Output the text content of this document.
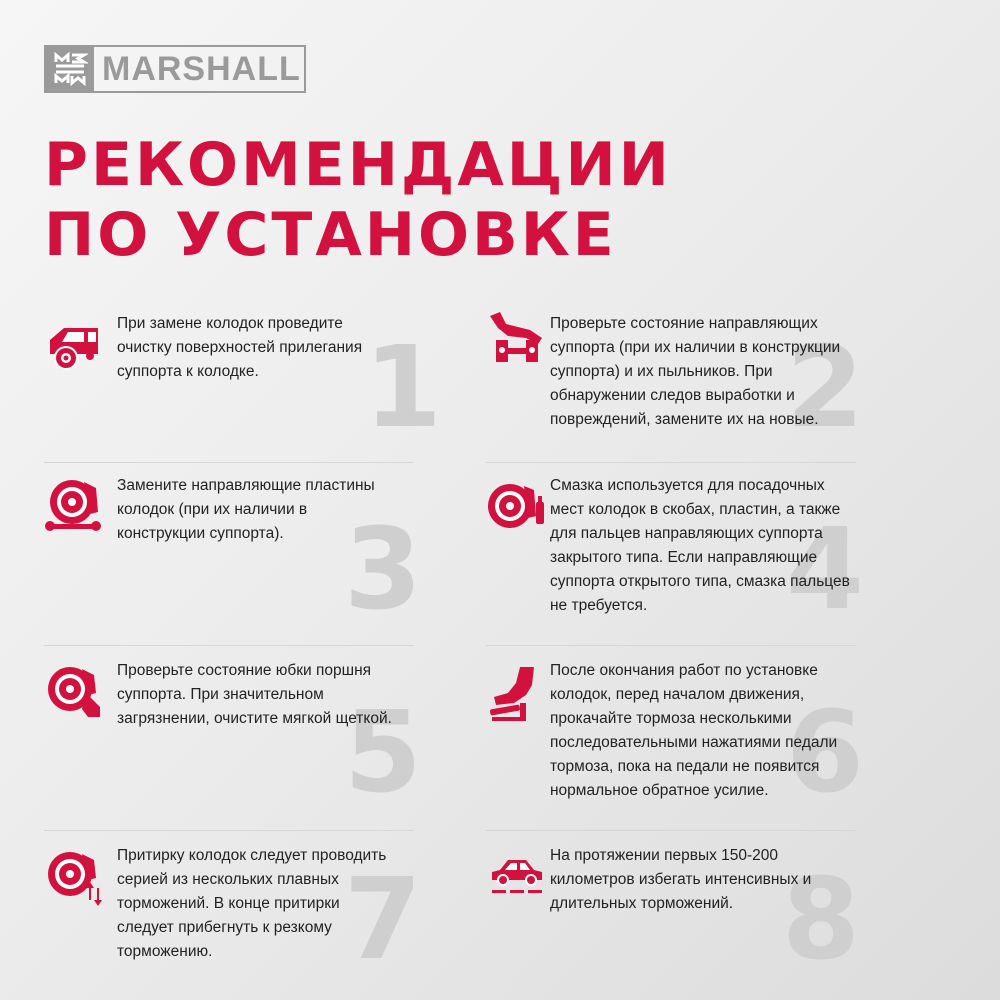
MARSHALL
РЕКОМЕНДАЦИИ
ПО УСТАНОВКЕ
1

При замене колодок проведите очистку поверхностей прилегания суппорта к колодке.	2

Проверьте состояние направляющих суппорта (при их наличии в конструкции суппорта) и их пыльников. При обнаружении следов выработки и повреждений, замените их на новые.

3

Замените направляющие пластины колодок (при их наличии в конструкции суппорта).	4

Смазка используется для посадочных мест колодок в скобах, пластин, а также для пальцев направляющих суппорта закрытого типа. Если направляющие суппорта открытого типа, смазка пальцев не требуется.

5

Проверьте состояние юбки поршня суппорта. При значительном загрязнении, очистите мягкой щеткой.	6

После окончания работ по установке колодок, перед началом движения, прокачайте тормоза несколькими последовательными нажатиями педали тормоза, пока на педали не появится нормальное обратное усилие.

7

Притирку колодок следует проводить серией из нескольких плавных торможений. В конце притирки следует прибегнуть к резкому торможению.	8

На протяжении первых 150-200 километров избегать интенсивных и длительных торможений.
